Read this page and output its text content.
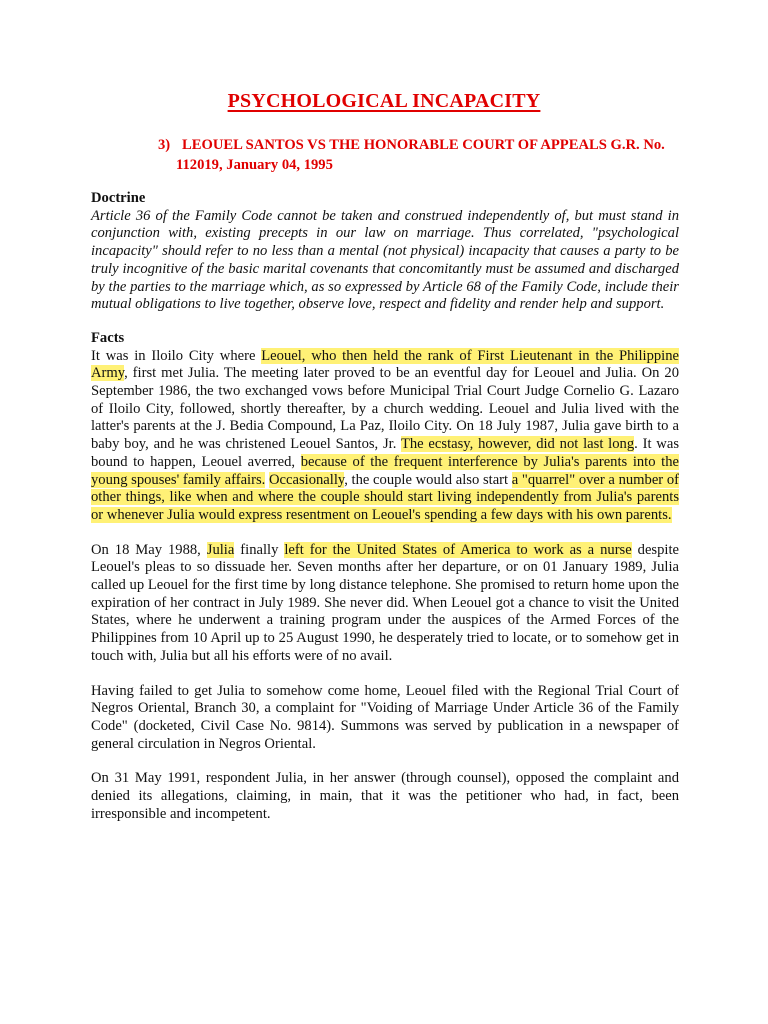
PSYCHOLOGICAL INCAPACITY
3) LEOUEL SANTOS VS THE HONORABLE COURT OF APPEALS G.R. No. 112019, January 04, 1995

Doctrine

Article 36 of the Family Code cannot be taken and construed independently of, but must stand in conjunction with, existing precepts in our law on marriage. Thus correlated, "psychological incapacity" should refer to no less than a mental (not physical) incapacity that causes a party to be truly incognitive of the basic marital covenants that concomitantly must be assumed and discharged by the parties to the marriage which, as so expressed by Article 68 of the Family Code, include their mutual obligations to live together, observe love, respect and fidelity and render help and support.

Facts

It was in Iloilo City where Leouel, who then held the rank of First Lieutenant in the Philippine Army, first met Julia. The meeting later proved to be an eventful day for Leouel and Julia. On 20 September 1986, the two exchanged vows before Municipal Trial Court Judge Cornelio G. Lazaro of Iloilo City, followed, shortly thereafter, by a church wedding. Leouel and Julia lived with the latter's parents at the J. Bedia Compound, La Paz, Iloilo City. On 18 July 1987, Julia gave birth to a baby boy, and he was christened Leouel Santos, Jr. The ecstasy, however, did not last long. It was bound to happen, Leouel averred, because of the frequent interference by Julia's parents into the young spouses' family affairs. Occasionally, the couple would also start a "quarrel" over a number of other things, like when and where the couple should start living independently from Julia's parents or whenever Julia would express resentment on Leouel's spending a few days with his own parents.

On 18 May 1988, Julia finally left for the United States of America to work as a nurse despite Leouel's pleas to so dissuade her. Seven months after her departure, or on 01 January 1989, Julia called up Leouel for the first time by long distance telephone. She promised to return home upon the expiration of her contract in July 1989. She never did. When Leouel got a chance to visit the United States, where he underwent a training program under the auspices of the Armed Forces of the Philippines from 10 April up to 25 August 1990, he desperately tried to locate, or to somehow get in touch with, Julia but all his efforts were of no avail.

Having failed to get Julia to somehow come home, Leouel filed with the Regional Trial Court of Negros Oriental, Branch 30, a complaint for "Voiding of Marriage Under Article 36 of the Family Code" (docketed, Civil Case No. 9814). Summons was served by publication in a newspaper of general circulation in Negros Oriental.

On 31 May 1991, respondent Julia, in her answer (through counsel), opposed the complaint and denied its allegations, claiming, in main, that it was the petitioner who had, in fact, been irresponsible and incompetent.
